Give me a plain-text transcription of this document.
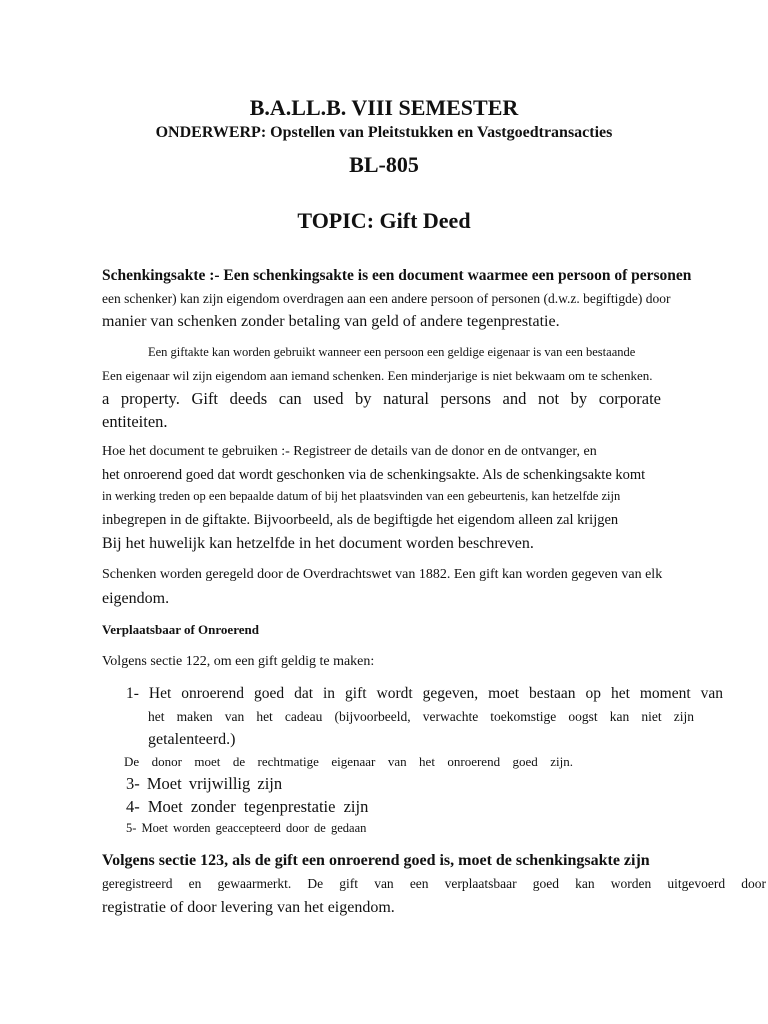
B.A.LL.B. VIII SEMESTER
ONDERWERP: Opstellen van Pleitstukken en Vastgoedtransacties
BL-805
TOPIC: Gift Deed
Schenkingsakte :- Een schenkingsakte is een document waarmee een persoon of personen
een schenker) kan zijn eigendom overdragen aan een andere persoon of personen (d.w.z. begiftigde) door
manier van schenken zonder betaling van geld of andere tegenprestatie.
Een giftakte kan worden gebruikt wanneer een persoon een geldige eigenaar is van een bestaande
Een eigenaar wil zijn eigendom aan iemand schenken. Een minderjarige is niet bekwaam om te schenken.
a property. Gift deeds can used by natural persons and not by corporate
entiteiten.
Hoe het document te gebruiken :- Registreer de details van de donor en de ontvanger, en
het onroerend goed dat wordt geschonken via de schenkingsakte. Als de schenkingsakte komt
in werking treden op een bepaalde datum of bij het plaatsvinden van een gebeurtenis, kan hetzelfde zijn
inbegrepen in de giftakte. Bijvoorbeeld, als de begiftigde het eigendom alleen zal krijgen
Bij het huwelijk kan hetzelfde in het document worden beschreven.
Schenken worden geregeld door de Overdrachtswet van 1882. Een gift kan worden gegeven van elk
eigendom.
Verplaatsbaar of Onroerend
Volgens sectie 122, om een gift geldig te maken:
1- Het onroerend goed dat in gift wordt gegeven, moet bestaan op het moment van
het maken van het cadeau (bijvoorbeeld, verwachte toekomstige oogst kan niet zijn
getalenteerd.)
De donor moet de rechtmatige eigenaar van het onroerend goed zijn.
3- Moet vrijwillig zijn
4- Moet zonder tegenprestatie zijn
5- Moet worden geaccepteerd door de gedaan
Volgens sectie 123, als de gift een onroerend goed is, moet de schenkingsakte zijn
geregistreerd en gewaarmerkt. De gift van een verplaatsbaar goed kan worden uitgevoerd door
registratie of door levering van het eigendom.
